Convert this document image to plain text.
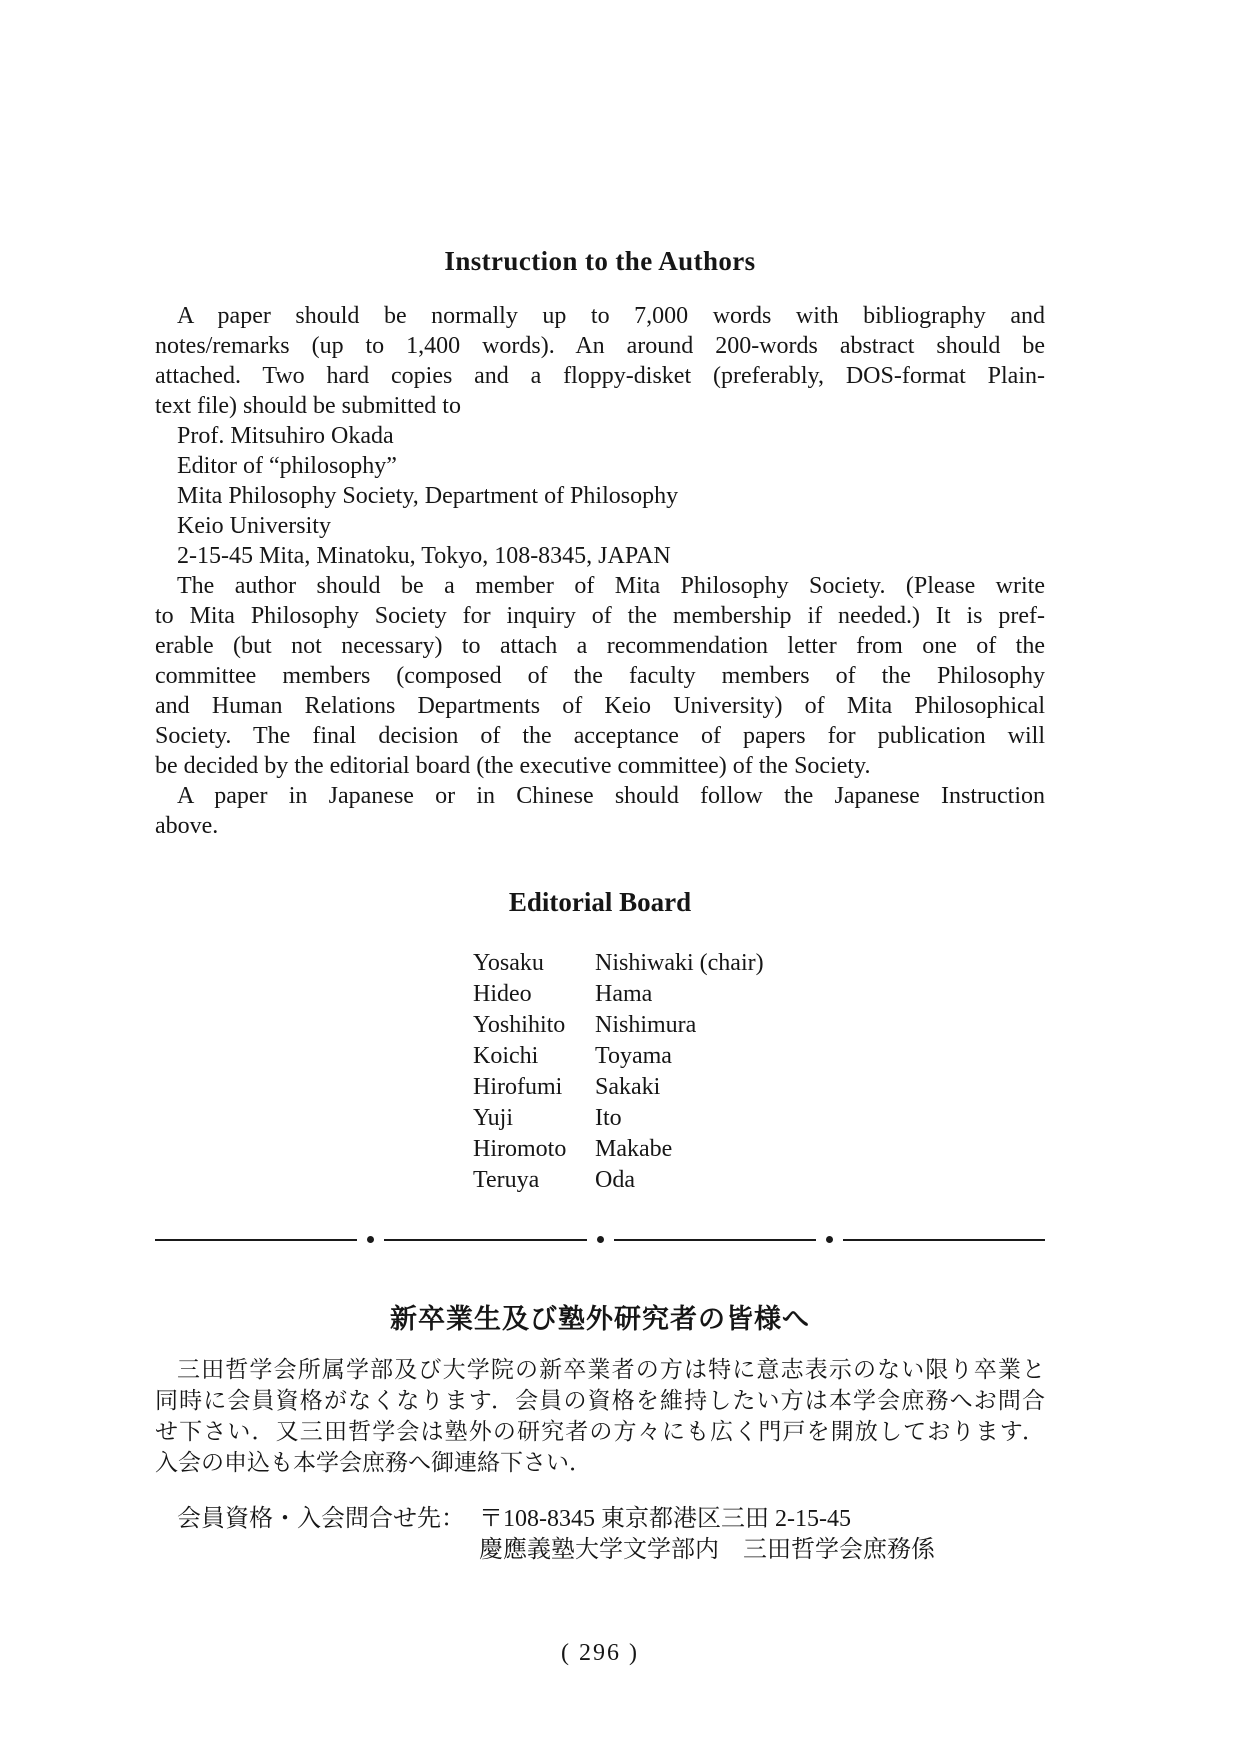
Instruction to the Authors
A paper should be normally up to 7,000 words with bibliography and
notes/remarks (up to 1,400 words). An around 200-words abstract should be
attached. Two hard copies and a floppy-disket (preferably, DOS-format Plain-
text file) should be submitted to
Prof. Mitsuhiro Okada
Editor of “philosophy”
Mita Philosophy Society, Department of Philosophy
Keio University
2-15-45 Mita, Minatoku, Tokyo, 108-8345, JAPAN
The author should be a member of Mita Philosophy Society. (Please write
to Mita Philosophy Society for inquiry of the membership if needed.) It is pref-
erable (but not necessary) to attach a recommendation letter from one of the
committee members (composed of the faculty members of the Philosophy
and Human Relations Departments of Keio University) of Mita Philosophical
Society. The final decision of the acceptance of papers for publication will
be decided by the editorial board (the executive committee) of the Society.
A paper in Japanese or in Chinese should follow the Japanese Instruction
above.
Editorial Board
Yosaku	Nishiwaki (chair)
Hideo	Hama
Yoshihito	Nishimura
Koichi	Toyama
Hirofumi	Sakaki
Yuji	Ito
Hiromoto	Makabe
Teruya	Oda
新卒業生及び塾外研究者の皆様へ
三田哲学会所属学部及び大学院の新卒業者の方は特に意志表示のない限り卒業と
同時に会員資格がなくなります．会員の資格を維持したい方は本学会庶務へお問合
せ下さい．又三田哲学会は塾外の研究者の方々にも広く門戸を開放しております．
入会の申込も本学会庶務へ御連絡下さい．
会員資格・入会問合せ先： 〒108-8345 東京都港区三田 2-15-45
慶應義塾大学文学部内　三田哲学会庶務係
( 296 )
